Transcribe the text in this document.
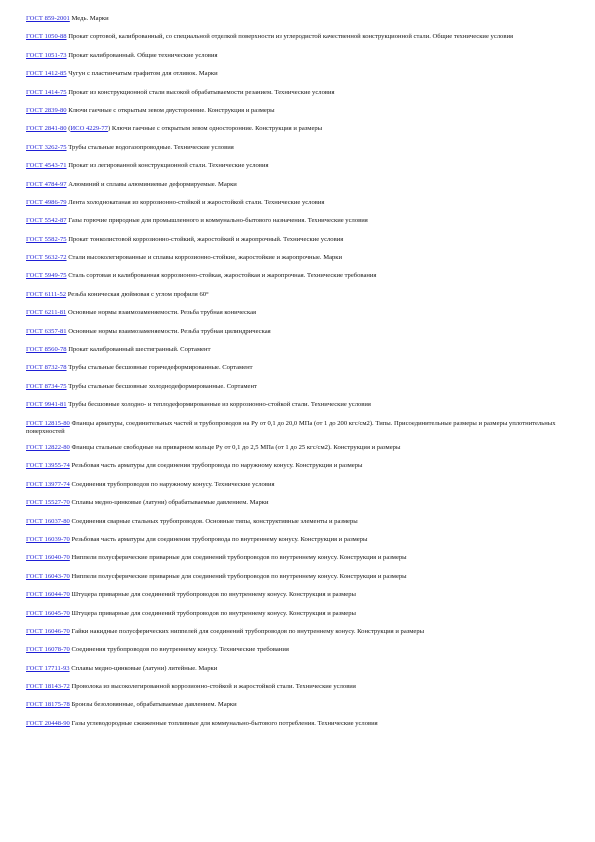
ГОСТ 859-2001 Медь. Марки
ГОСТ 1050-88 Прокат сортовой, калиброванный, со специальной отделкой поверхности из углеродистой качественной конструкционной стали. Общие технические условия
ГОСТ 1051-73 Прокат калиброванный. Общие технические условия
ГОСТ 1412-85 Чугун с пластинчатым графитом для отливок. Марки
ГОСТ 1414-75 Прокат из конструкционной стали высокой обрабатываемости резанием. Технические условия
ГОСТ 2839-80 Ключи гаечные с открытым зевом двусторонние. Конструкция и размеры
ГОСТ 2841-80 (ИСО 4229-77) Ключи гаечные с открытым зевом односторонние. Конструкция и размеры
ГОСТ 3262-75 Трубы стальные водогазопроводные. Технические условия
ГОСТ 4543-71 Прокат из легированной конструкционной стали. Технические условия
ГОСТ 4784-97 Алюминий и сплавы алюминиевые деформируемые. Марки
ГОСТ 4986-79 Лента холоднокатаная из коррозионно-стойкой и жаростойкой стали. Технические условия
ГОСТ 5542-87 Газы горючие природные для промышленного и коммунально-бытового назначения. Технические условия
ГОСТ 5582-75 Прокат тонколистовой коррозионно-стойкий, жаростойкий и жаропрочный. Технические условия
ГОСТ 5632-72 Стали высоколегированные и сплавы коррозионно-стойкие, жаростойкие и жаропрочные. Марки
ГОСТ 5949-75 Сталь сортовая и калиброванная коррозионно-стойкая, жаростойкая и жаропрочная. Технические требования
ГОСТ 6111-52 Резьба коническая дюймовая с углом профиля 60°
ГОСТ 6211-81 Основные нормы взаимозаменяемости. Резьба трубная коническая
ГОСТ 6357-81 Основные нормы взаимозаменяемости. Резьба трубная цилиндрическая
ГОСТ 8560-78 Прокат калиброванный шестигранный. Сортамент
ГОСТ 8732-78 Трубы стальные бесшовные горячедеформированные. Сортамент
ГОСТ 8734-75 Трубы стальные бесшовные холоднодеформированные. Сортамент
ГОСТ 9941-81 Трубы бесшовные холодно- и теплодеформированные из коррозионно-стойкой стали. Технические условия
ГОСТ 12815-80 Фланцы арматуры, соединительных частей и трубопроводов на Ру от 0,1 до 20,0 МПа (от 1 до 200 кгс/см2). Типы. Присоединительные размеры и размеры уплотнительных поверхностей
ГОСТ 12822-80 Фланцы стальные свободные на приварном кольце Ру от 0,1 до 2,5 МПа (от 1 до 25 кгс/см2). Конструкция и размеры
ГОСТ 13955-74 Резьбовая часть арматуры для соединения трубопровода по наружному конусу. Конструкция и размеры
ГОСТ 13977-74 Соединения трубопроводов по наружному конусу. Технические условия
ГОСТ 15527-70 Сплавы медно-цинковые (латуни) обрабатываемые давлением. Марки
ГОСТ 16037-80 Соединения сварные стальных трубопроводов. Основные типы, конструктивные элементы и размеры
ГОСТ 16039-70 Резьбовая часть арматуры для соединения трубопровода по внутреннему конусу. Конструкция и размеры
ГОСТ 16040-70 Ниппели полусферические приварные для соединений трубопроводов по внутреннему конусу. Конструкция и размеры
ГОСТ 16043-70 Ниппели полусферические приварные для соединений трубопроводов по внутреннему конусу. Конструкция и размеры
ГОСТ 16044-70 Штуцера приварные для соединений трубопроводов по внутреннему конусу. Конструкция и размеры
ГОСТ 16045-70 Штуцера приварные для соединений трубопроводов по внутреннему конусу. Конструкция и размеры
ГОСТ 16046-70 Гайки накидные полусферических ниппелей для соединений трубопроводов по внутреннему конусу. Конструкция и размеры
ГОСТ 16078-70 Соединения трубопроводов по внутреннему конусу. Технические требования
ГОСТ 17711-93 Сплавы медно-цинковые (латуни) литейные. Марки
ГОСТ 18143-72 Проволока из высоколегированной коррозионно-стойкой и жаростойкой стали. Технические условия
ГОСТ 18175-78 Бронзы безоловянные, обрабатываемые давлением. Марки
ГОСТ 20448-90 Газы углеводородные сжиженные топливные для коммунально-бытового потребления. Технические условия
